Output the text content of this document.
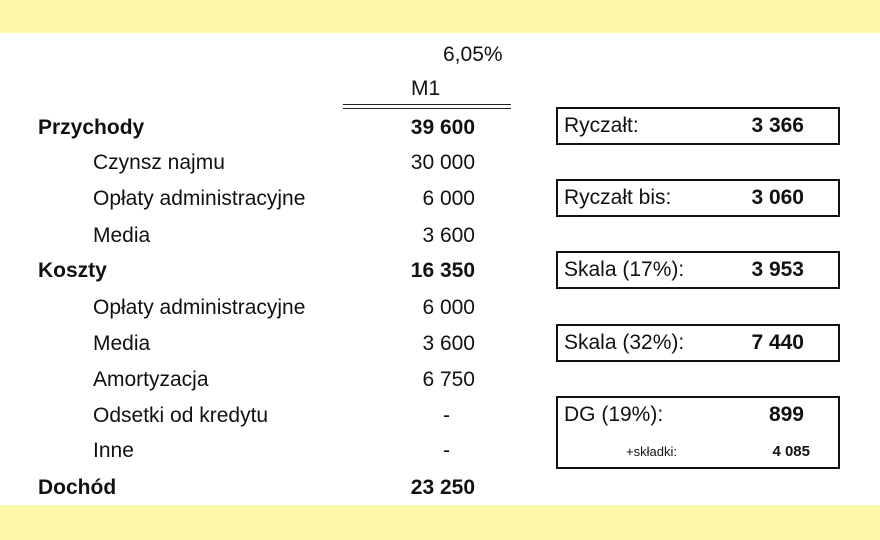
6,05%
M1
Przychody	39 600
Czynsz najmu	30 000
Opłaty administracyjne	6 000
Media	3 600
Koszty	16 350
Opłaty administracyjne	6 000
Media	3 600
Amortyzacja	6 750
Odsetki od kredytu	-
Inne	-
Dochód	23 250
Ryczałt:	3 366
Ryczałt bis:	3 060
Skala (17%):	3 953
Skala (32%):	7 440
DG (19%):	899
+składki:	4 085
